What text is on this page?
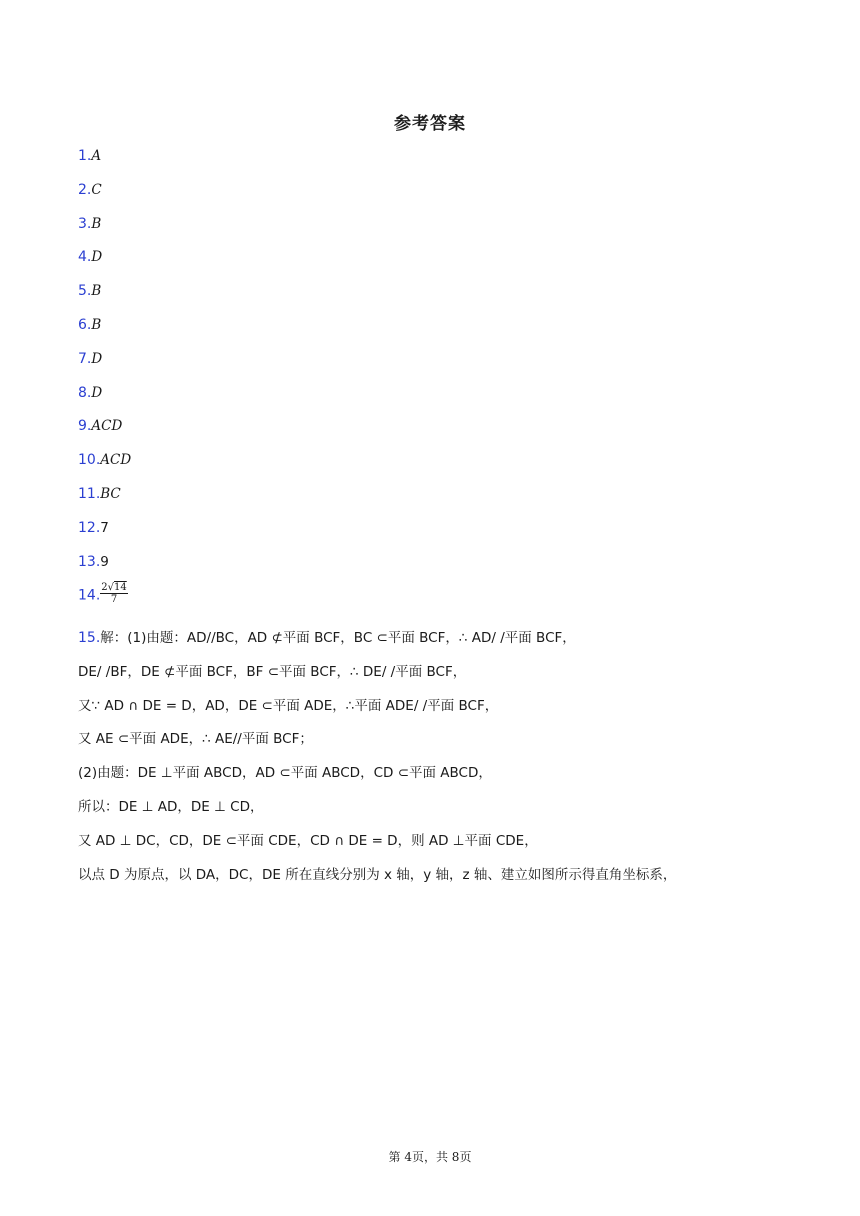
参考答案
1.A
2.C
3.B
4.D
5.B
6.B
7.D
8.D
9.ACD
10.ACD
11.BC
12.7
13.9
14. $\frac{2√14}{7}$
15.解：(1)由题：AD//BC，AD ⊄平面 BCF，BC ⊂平面 BCF，∴ AD/ /平面 BCF，
DE/ /BF，DE ⊄平面 BCF，BF ⊂平面 BCF，∴ DE/ /平面 BCF，
又∵ AD ∩ DE = D，AD，DE ⊂平面 ADE，∴平面 ADE/ /平面 BCF，
又 AE ⊂平面 ADE，∴ AE//平面 BCF；
(2)由题：DE ⊥平面 ABCD，AD ⊂平面 ABCD，CD ⊂平面 ABCD，
所以：DE ⊥ AD，DE ⊥ CD，
又 AD ⊥ DC，CD，DE ⊂平面 CDE，CD ∩ DE = D，则 AD ⊥平面 CDE，
以点 D 为原点，以 DA，DC，DE 所在直线分别为 x 轴，y 轴，z 轴、建立如图所示得直角坐标系，
第 4页，共 8页
